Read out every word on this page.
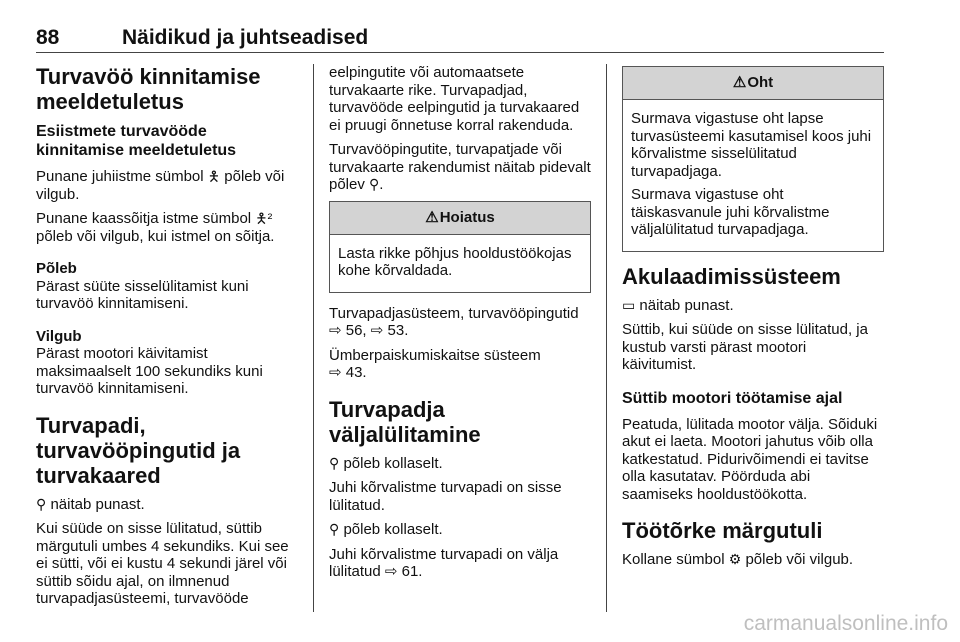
88	Näidikud ja juhtseadised
Turvavöö kinnitamise meeldetuletus
Esiistmete turvavööde kinnitamise meeldetuletus

Punane juhiistme sümbol 🯅 põleb või vilgub.

Punane kaassõitja istme sümbol 🯅² põleb või vilgub, kui istmel on sõitja.

Põleb

Pärast süüte sisselülitamist kuni turvavöö kinnitamiseni.

Vilgub

Pärast mootori käivitamist maksimaalselt 100 sekundiks kuni turvavöö kinnitamiseni.

Turvapadi, turvavööpingutid ja turvakaared

⚲ näitab punast.

Kui süüde on sisse lülitatud, süttib märgutuli umbes 4 sekundiks. Kui see ei sütti, või ei kustu 4 sekundi järel või süttib sõidu ajal, on ilmnenud turvapadjasüsteemi, turvavööde

eelpingutite või automaatsete turvakaarte rike. Turvapadjad, turvavööde eelpingutid ja turvakaared ei pruugi õnnetuse korral rakenduda.

Turvavööpingutite, turvapatjade või turvakaarte rakendumist näitab pidevalt põlev ⚲.

⚠Hoiatus

Lasta rikke põhjus hooldustöökojas kohe kõrvaldada.

Turvapadjasüsteem, turvavööpingutid ⇨ 56, ⇨ 53.

Ümberpaiskumiskaitse süsteem
⇨ 43.

Turvapadja väljalülitamine

⚲ põleb kollaselt.

Juhi kõrvalistme turvapadi on sisse lülitatud.

⚲ põleb kollaselt.

Juhi kõrvalistme turvapadi on välja lülitatud ⇨ 61.

⚠Oht

Surmava vigastuse oht lapse turvasüsteemi kasutamisel koos juhi kõrvalistme sisselülitatud turvapadjaga.

Surmava vigastuse oht täiskasvanule juhi kõrvalistme väljalülitatud turvapadjaga.

Akulaadimissüsteem

▭ näitab punast.

Süttib, kui süüde on sisse lülitatud, ja kustub varsti pärast mootori käivitumist.

Süttib mootori töötamise ajal

Peatuda, lülitada mootor välja. Sõiduki akut ei laeta. Mootori jahutus võib olla katkestatud. Pidurivõimendi ei tavitse olla kasutatav. Pöörduda abi saamiseks hooldustöökotta.

Töötõrke märgutuli

Kollane sümbol ⚙ põleb või vilgub.

carmanualsonline.info
